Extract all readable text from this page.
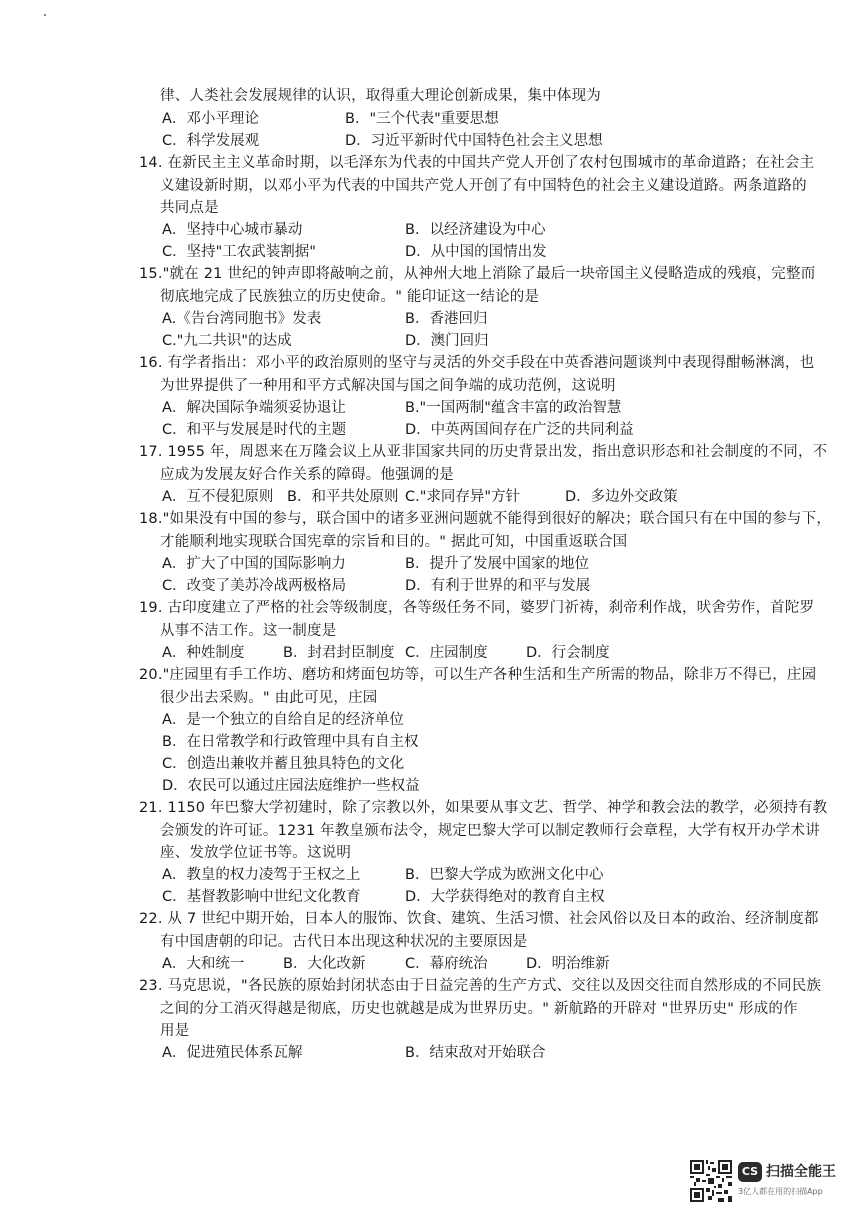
律、人类社会发展规律的认识，取得重大理论创新成果，集中体现为
A．邓小平理论	B．"三个代表"重要思想
C．科学发展观	D．习近平新时代中国特色社会主义思想
14. 在新民主主义革命时期，以毛泽东为代表的中国共产党人开创了农村包围城市的革命道路；在社会主
义建设新时期，以邓小平为代表的中国共产党人开创了有中国特色的社会主义建设道路。两条道路的
共同点是
A．坚持中心城市暴动	B．以经济建设为中心
C．坚持"工农武装割据"	D．从中国的国情出发
15."就在 21 世纪的钟声即将敲响之前，从神州大地上消除了最后一块帝国主义侵略造成的残痕，完整而
彻底地完成了民族独立的历史使命。" 能印证这一结论的是
A.《告台湾同胞书》发表	B．香港回归
C."九二共识"的达成	D．澳门回归
16. 有学者指出：邓小平的政治原则的坚守与灵活的外交手段在中英香港问题谈判中表现得酣畅淋漓，也
为世界提供了一种用和平方式解决国与国之间争端的成功范例，这说明
A．解决国际争端须妥协退让	B."一国两制"蕴含丰富的政治智慧
C．和平与发展是时代的主题	D．中英两国间存在广泛的共同利益
17. 1955 年，周恩来在万隆会议上从亚非国家共同的历史背景出发，指出意识形态和社会制度的不同，不
应成为发展友好合作关系的障碍。他强调的是
A．互不侵犯原则 B．和平共处原则 C."求同存异"方针	D．多边外交政策
18."如果没有中国的参与，联合国中的诸多亚洲问题就不能得到很好的解决；联合国只有在中国的参与下，
才能顺利地实现联合国宪章的宗旨和目的。" 据此可知，中国重返联合国
A．扩大了中国的国际影响力	B．提升了发展中国家的地位
C．改变了美苏冷战两极格局	D．有利于世界的和平与发展
19. 古印度建立了严格的社会等级制度，各等级任务不同，婆罗门祈祷，刹帝利作战，吠舍劳作，首陀罗
从事不洁工作。这一制度是
A．种姓制度	B．封君封臣制度 C．庄园制度	D．行会制度
20."庄园里有手工作坊、磨坊和烤面包坊等，可以生产各种生活和生产所需的物品，除非万不得已，庄园
很少出去采购。" 由此可见，庄园
A．是一个独立的自给自足的经济单位
B．在日常教学和行政管理中具有自主权
C．创造出兼收并蓄且独具特色的文化
D．农民可以通过庄园法庭维护一些权益
21. 1150 年巴黎大学初建时，除了宗教以外，如果要从事文艺、哲学、神学和教会法的教学，必须持有教
会颁发的许可证。1231 年教皇颁布法令，规定巴黎大学可以制定教师行会章程，大学有权开办学术讲
座、发放学位证书等。这说明
A．教皇的权力凌驾于王权之上	B．巴黎大学成为欧洲文化中心
C．基督教影响中世纪文化教育	D．大学获得绝对的教育自主权
22. 从 7 世纪中期开始，日本人的服饰、饮食、建筑、生活习惯、社会风俗以及日本的政治、经济制度都
有中国唐朝的印记。古代日本出现这种状况的主要原因是
A．大和统一	B．大化改新	C．幕府统治	D．明治维新
23. 马克思说，"各民族的原始封闭状态由于日益完善的生产方式、交往以及因交往而自然形成的不同民族
之间的分工消灭得越是彻底，历史也就越是成为世界历史。" 新航路的开辟对 "世界历史" 形成的作
用是
A．促进殖民体系瓦解	B．结束敌对开始联合
CS 扫描全能王
3亿人都在用的扫描App
